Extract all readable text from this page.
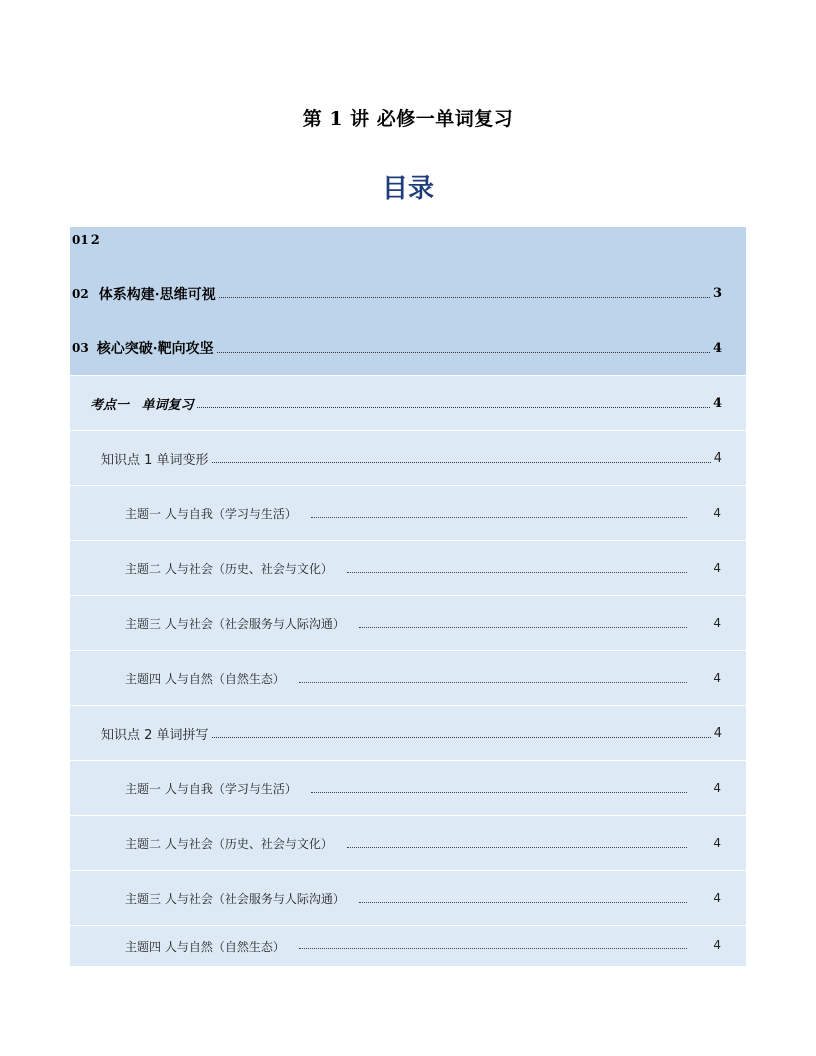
第 1 讲 必修一单词复习
目录
01 2
02 体系构建·思维可视	3
03 核心突破·靶向攻坚	4
考点一 单词复习	4
知识点 1 单词变形	4
主题一 人与自我（学习与生活）	4
主题二 人与社会（历史、社会与文化）	4
主题三 人与社会（社会服务与人际沟通）	4
主题四 人与自然（自然生态）	4
知识点 2 单词拼写	4
主题一 人与自我（学习与生活）	4
主题二 人与社会（历史、社会与文化）	4
主题三 人与社会（社会服务与人际沟通）	4
主题四 人与自然（自然生态）	4
